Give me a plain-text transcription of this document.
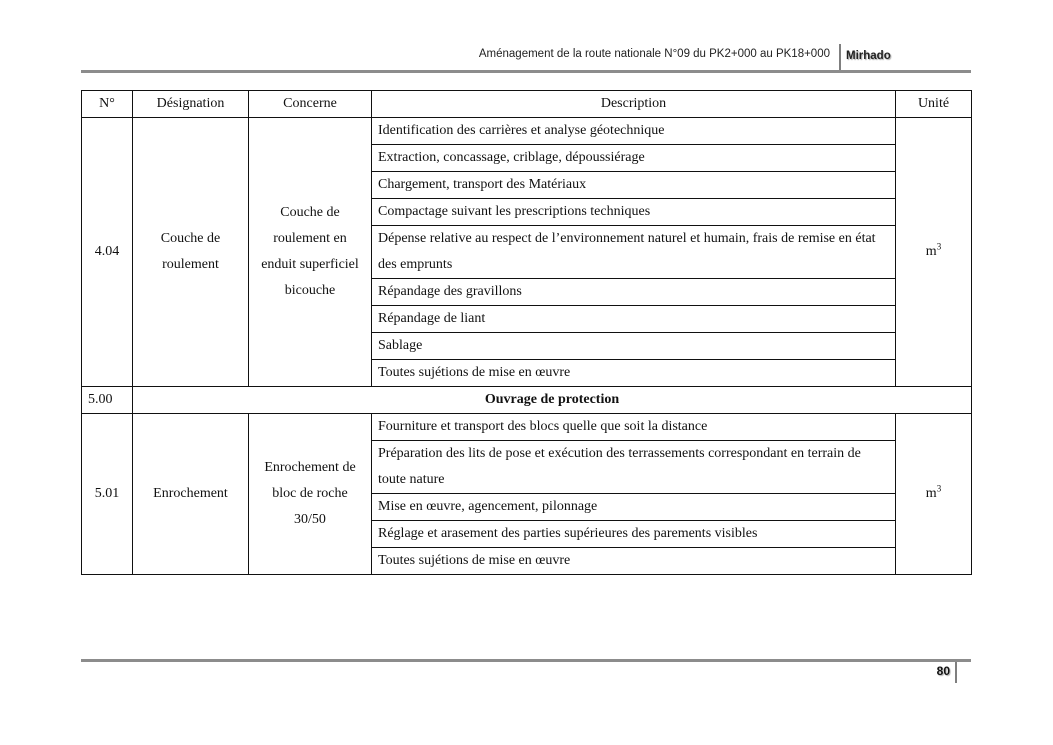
Aménagement de la route nationale N°09 du PK2+000 au PK18+000 Mirhado
N°	Désignation	Concerne	Description	Unité
4.04	Couche de roulement	Couche de roulement en enduit superficiel bicouche	Identification des carrières et analyse géotechnique	$m^3$
			Extraction, concassage, criblage, dépoussiérage	
			Chargement, transport des Matériaux	
			Compactage suivant les prescriptions techniques	
			Dépense relative au respect de l’environnement naturel et humain, frais de remise en état des emprunts	
			Répandage des gravillons	
			Répandage de liant	
			Sablage	
			Toutes sujétions de mise en œuvre	
5.00	Ouvrage de protection			
5.01	Enrochement	Enrochement de bloc de roche 30/50	Fourniture et transport des blocs quelle que soit la distance	$m^3$
			Préparation des lits de pose et exécution des terrassements correspondant en terrain de toute nature	
			Mise en œuvre, agencement, pilonnage	
			Réglage et arasement des parties supérieures des parements visibles	
			Toutes sujétions de mise en œuvre	
80
